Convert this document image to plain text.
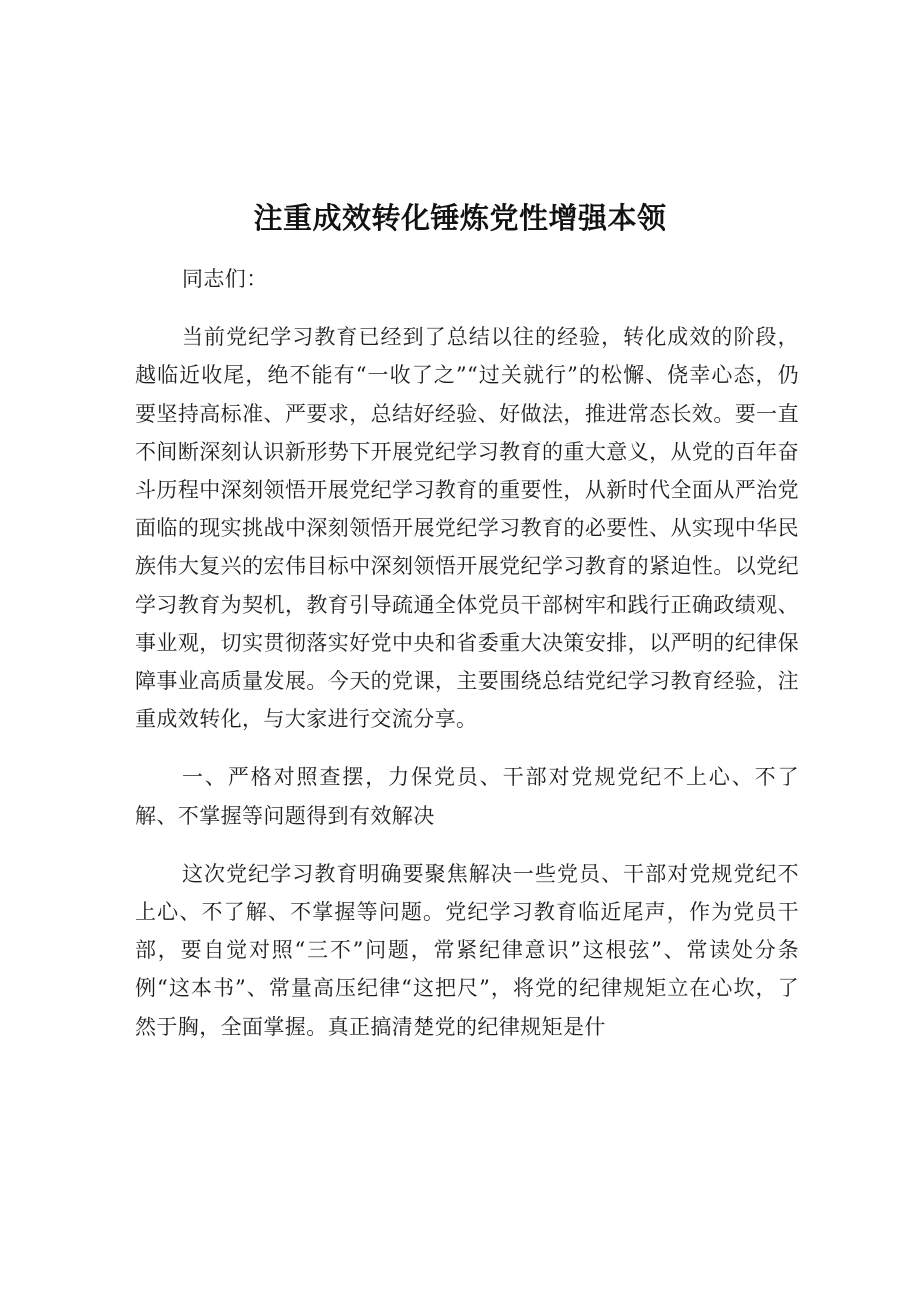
注重成效转化锤炼党性增强本领

同志们：

当前党纪学习教育已经到了总结以往的经验，转化成效的阶段，越临近收尾，绝不能有“一收了之”“过关就行”的松懈、侥幸心态，仍要坚持高标准、严要求，总结好经验、好做法，推进常态长效。要一直不间断深刻认识新形势下开展党纪学习教育的重大意义，从党的百年奋斗历程中深刻领悟开展党纪学习教育的重要性，从新时代全面从严治党面临的现实挑战中深刻领悟开展党纪学习教育的必要性、从实现中华民族伟大复兴的宏伟目标中深刻领悟开展党纪学习教育的紧迫性。以党纪学习教育为契机，教育引导疏通全体党员干部树牢和践行正确政绩观、事业观，切实贯彻落实好党中央和省委重大决策安排，以严明的纪律保障事业高质量发展。今天的党课，主要围绕总结党纪学习教育经验，注重成效转化，与大家进行交流分享。

一、严格对照查摆，力保党员、干部对党规党纪不上心、不了解、不掌握等问题得到有效解决

这次党纪学习教育明确要聚焦解决一些党员、干部对党规党纪不上心、不了解、不掌握等问题。党纪学习教育临近尾声，作为党员干部，要自觉对照“三不”问题，常紧纪律意识”这根弦”、常读处分条例“这本书”、常量高压纪律“这把尺”，将党的纪律规矩立在心坎，了然于胸，全面掌握。真正搞清楚党的纪律规矩是什
